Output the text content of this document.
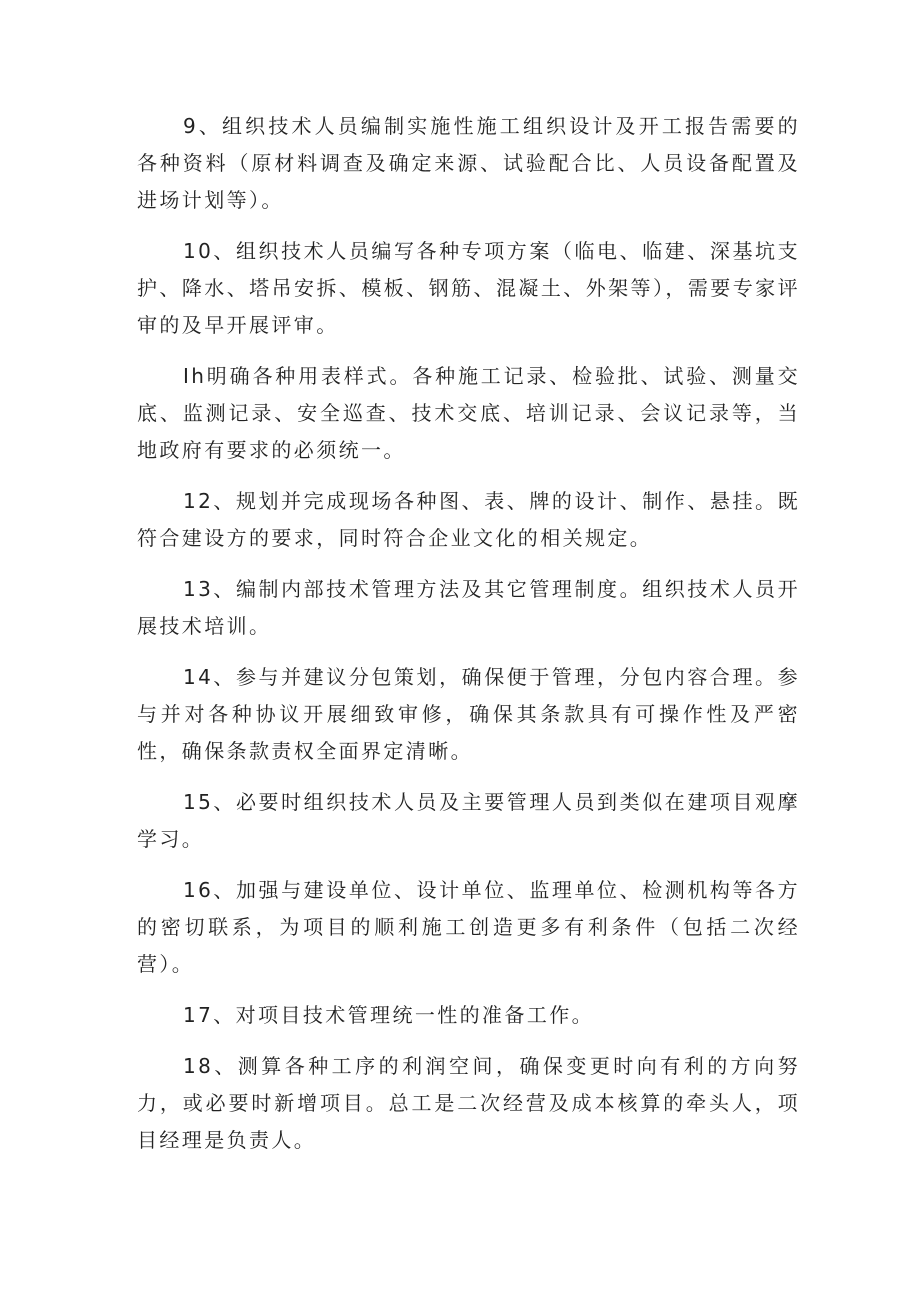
9、组织技术人员编制实施性施工组织设计及开工报告需要的各种资料（原材料调查及确定来源、试验配合比、人员设备配置及进场计划等）。

10、组织技术人员编写各种专项方案（临电、临建、深基坑支护、降水、塔吊安拆、模板、钢筋、混凝土、外架等），需要专家评审的及早开展评审。

Ih明确各种用表样式。各种施工记录、检验批、试验、测量交底、监测记录、安全巡查、技术交底、培训记录、会议记录等，当地政府有要求的必须统一。

12、规划并完成现场各种图、表、牌的设计、制作、悬挂。既符合建设方的要求，同时符合企业文化的相关规定。

13、编制内部技术管理方法及其它管理制度。组织技术人员开展技术培训。

14、参与并建议分包策划，确保便于管理，分包内容合理。参与并对各种协议开展细致审修，确保其条款具有可操作性及严密性，确保条款责权全面界定清晰。

15、必要时组织技术人员及主要管理人员到类似在建项目观摩学习。

16、加强与建设单位、设计单位、监理单位、检测机构等各方的密切联系，为项目的顺利施工创造更多有利条件（包括二次经营）。

17、对项目技术管理统一性的准备工作。

18、测算各种工序的利润空间，确保变更时向有利的方向努力，或必要时新增项目。总工是二次经营及成本核算的牵头人，项目经理是负责人。
